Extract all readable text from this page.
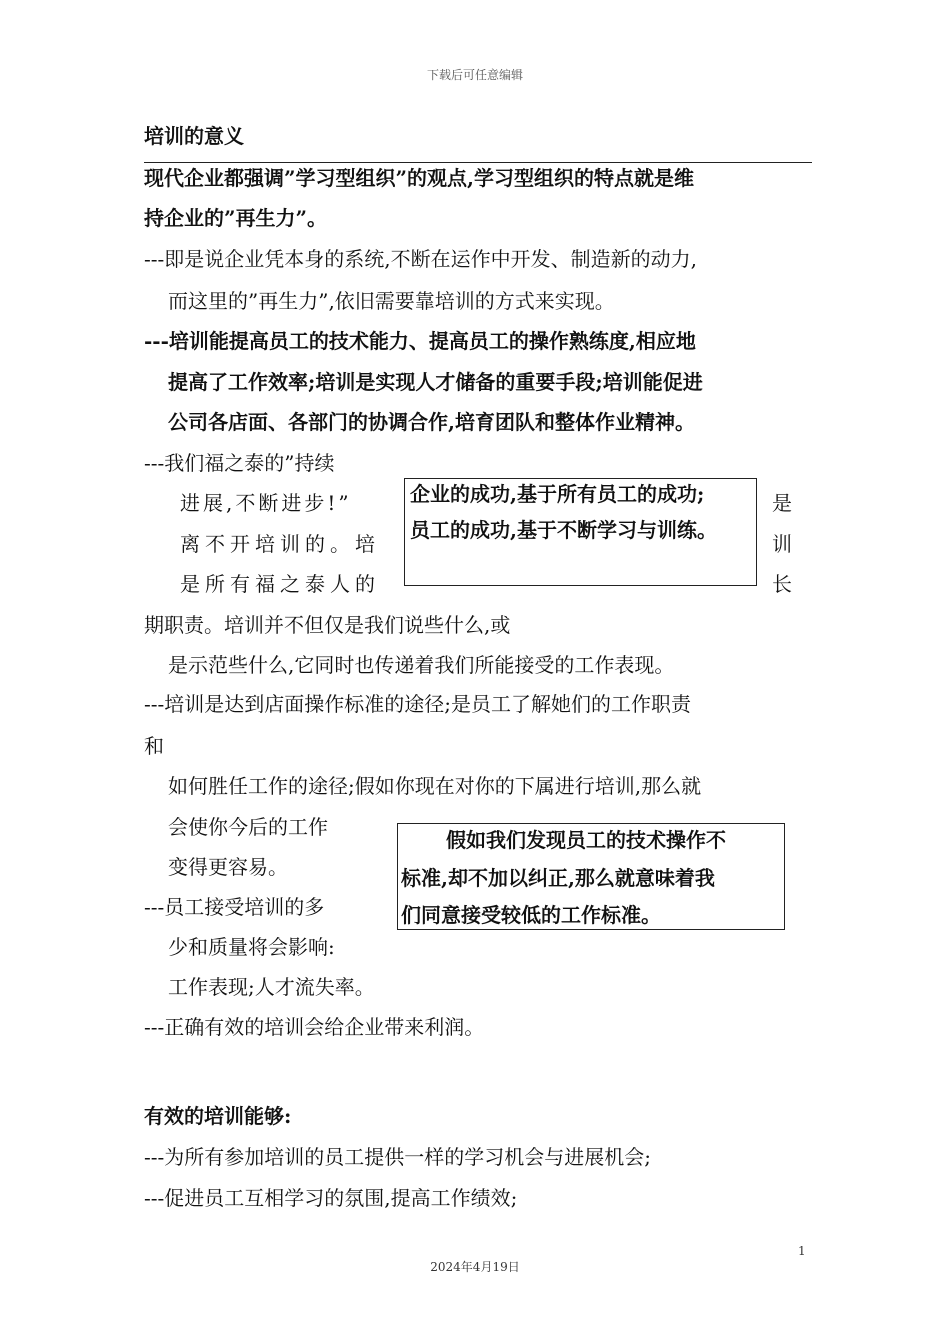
下载后可任意编辑
培训的意义
现代企业都强调”学习型组织”的观点,学习型组织的特点就是维
持企业的”再生力”。
---即是说企业凭本身的系统,不断在运作中开发、制造新的动力,
而这里的”再生力”,依旧需要靠培训的方式来实现。
---培训能提高员工的技术能力、提高员工的操作熟练度,相应地
提高了工作效率;培训是实现人才储备的重要手段;培训能促进
公司各店面、各部门的协调合作,培育团队和整体作业精神。
---我们福之泰的”持续
进展,不断进步!”
离不开培训的。培
是所有福之泰人的
是
训
长
企业的成功,基于所有员工的成功;
员工的成功,基于不断学习与训练。
期职责。培训并不但仅是我们说些什么,或
是示范些什么,它同时也传递着我们所能接受的工作表现。
---培训是达到店面操作标准的途径;是员工了解她们的工作职责
和
如何胜任工作的途径;假如你现在对你的下属进行培训,那么就
会使你今后的工作
变得更容易。
---员工接受培训的多
少和质量将会影响:
工作表现;人才流失率。
假如我们发现员工的技术操作不
标准,却不加以纠正,那么就意味着我
们同意接受较低的工作标准。
---正确有效的培训会给企业带来利润。
有效的培训能够:
---为所有参加培训的员工提供一样的学习机会与进展机会;
---促进员工互相学习的氛围,提高工作绩效;
1
2024年4月19日
